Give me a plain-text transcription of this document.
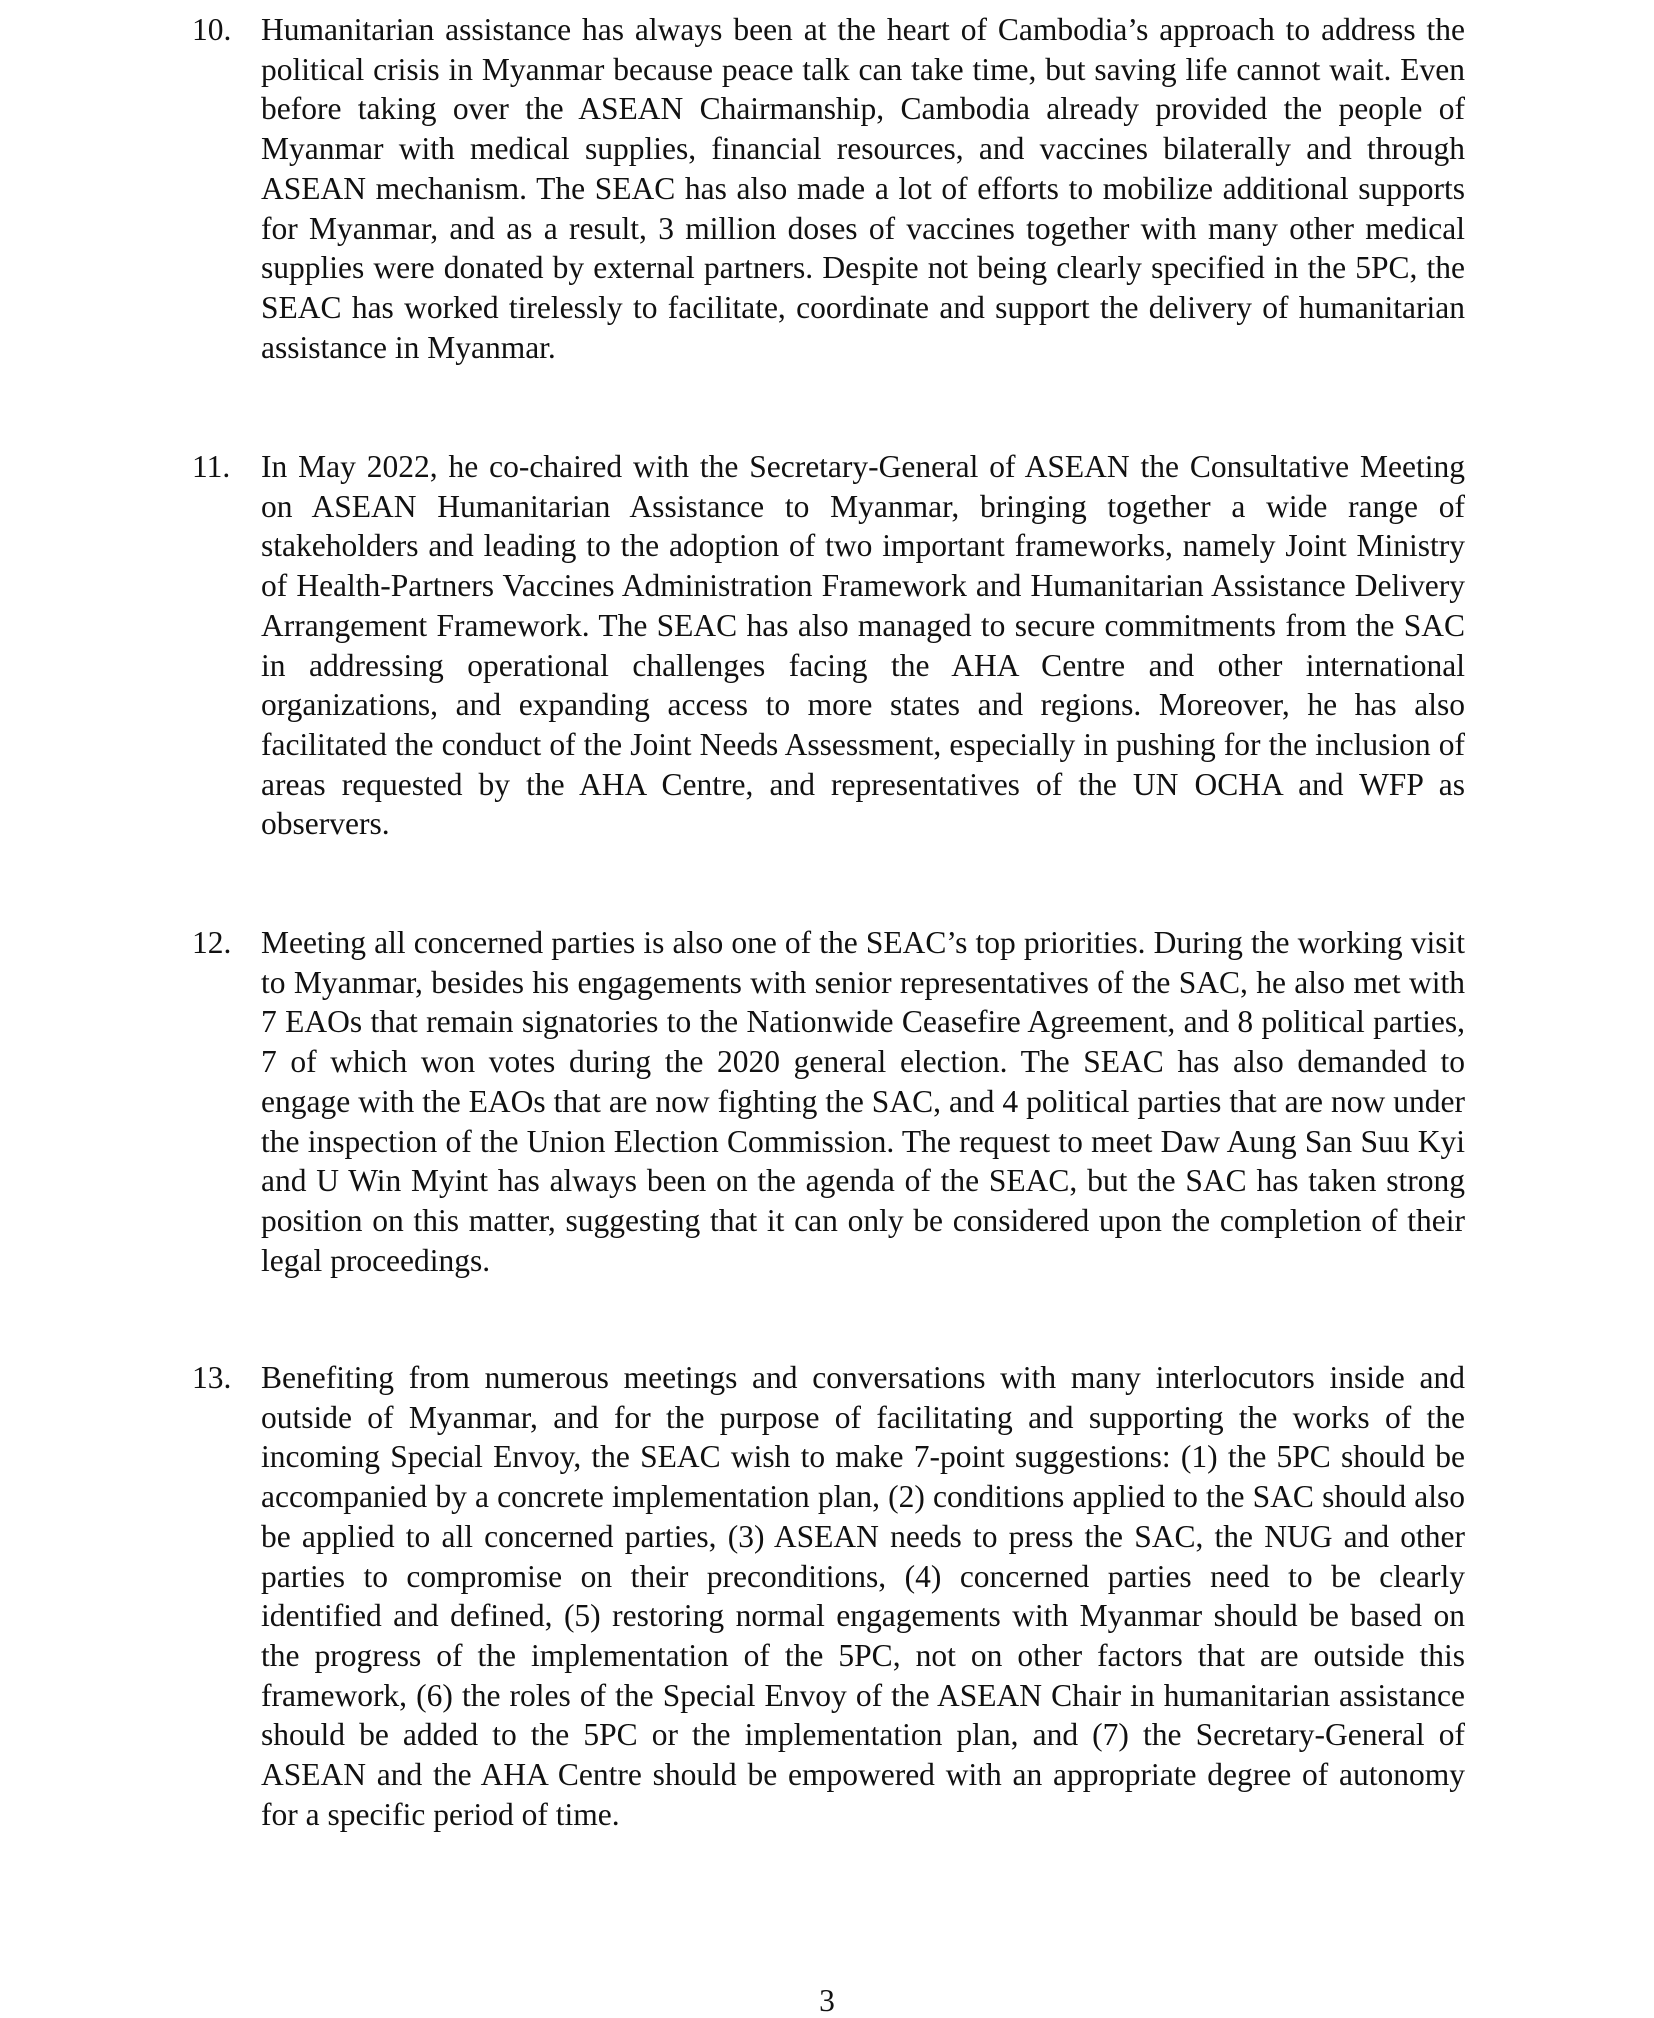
10. Humanitarian assistance has always been at the heart of Cambodia’s approach to address the political crisis in Myanmar because peace talk can take time, but saving life cannot wait. Even before taking over the ASEAN Chairmanship, Cambodia already provided the people of Myanmar with medical supplies, financial resources, and vaccines bilaterally and through ASEAN mechanism. The SEAC has also made a lot of efforts to mobilize additional supports for Myanmar, and as a result, 3 million doses of vaccines together with many other medical supplies were donated by external partners. Despite not being clearly specified in the 5PC, the SEAC has worked tirelessly to facilitate, coordinate and support the delivery of humanitarian assistance in Myanmar.
11. In May 2022, he co-chaired with the Secretary-General of ASEAN the Consultative Meeting on ASEAN Humanitarian Assistance to Myanmar, bringing together a wide range of stakeholders and leading to the adoption of two important frameworks, namely Joint Ministry of Health-Partners Vaccines Administration Framework and Humanitarian Assistance Delivery Arrangement Framework. The SEAC has also managed to secure commitments from the SAC in addressing operational challenges facing the AHA Centre and other international organizations, and expanding access to more states and regions. Moreover, he has also facilitated the conduct of the Joint Needs Assessment, especially in pushing for the inclusion of areas requested by the AHA Centre, and representatives of the UN OCHA and WFP as observers.
12. Meeting all concerned parties is also one of the SEAC’s top priorities. During the working visit to Myanmar, besides his engagements with senior representatives of the SAC, he also met with 7 EAOs that remain signatories to the Nationwide Ceasefire Agreement, and 8 political parties, 7 of which won votes during the 2020 general election. The SEAC has also demanded to engage with the EAOs that are now fighting the SAC, and 4 political parties that are now under the inspection of the Union Election Commission. The request to meet Daw Aung San Suu Kyi and U Win Myint has always been on the agenda of the SEAC, but the SAC has taken strong position on this matter, suggesting that it can only be considered upon the completion of their legal proceedings.
13. Benefiting from numerous meetings and conversations with many interlocutors inside and outside of Myanmar, and for the purpose of facilitating and supporting the works of the incoming Special Envoy, the SEAC wish to make 7-point suggestions: (1) the 5PC should be accompanied by a concrete implementation plan, (2) conditions applied to the SAC should also be applied to all concerned parties, (3) ASEAN needs to press the SAC, the NUG and other parties to compromise on their preconditions, (4) concerned parties need to be clearly identified and defined, (5) restoring normal engagements with Myanmar should be based on the progress of the implementation of the 5PC, not on other factors that are outside this framework, (6) the roles of the Special Envoy of the ASEAN Chair in humanitarian assistance should be added to the 5PC or the implementation plan, and (7) the Secretary-General of ASEAN and the AHA Centre should be empowered with an appropriate degree of autonomy for a specific period of time.
3
